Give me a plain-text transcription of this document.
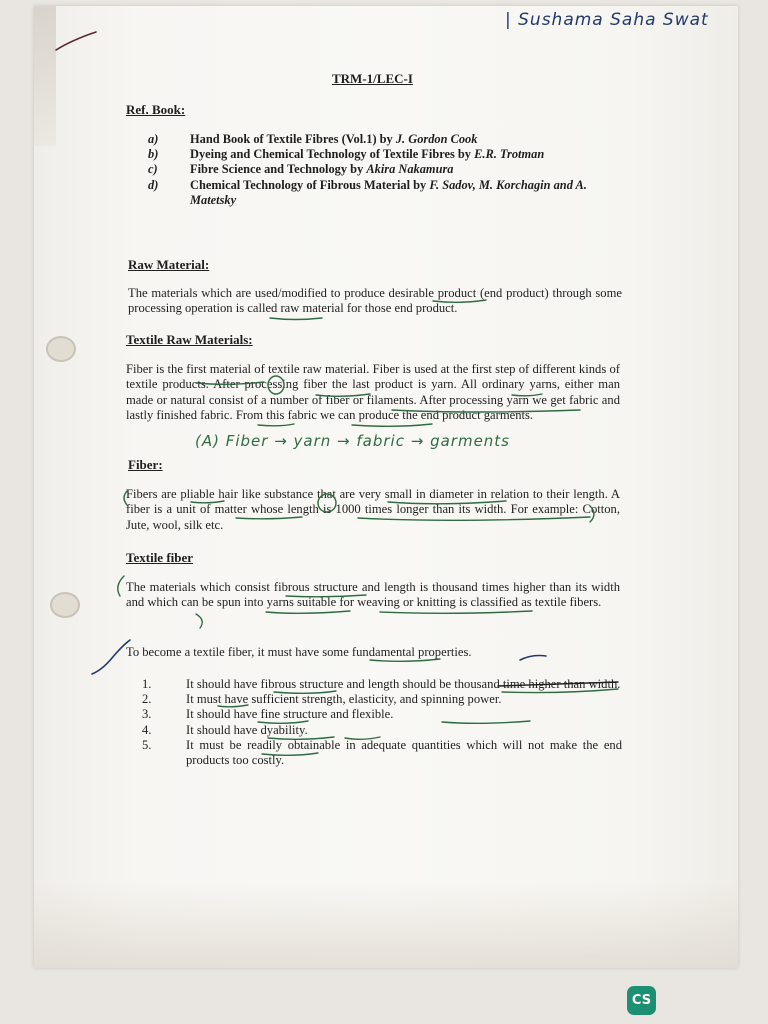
| Sushama Saha Swat
TRM-1/LEC-I
Ref. Book:
a)	Hand Book of Textile Fibres (Vol.1) by J. Gordon Cook
b)	Dyeing and Chemical Technology of Textile Fibres by E.R. Trotman
c)	Fibre Science and Technology by Akira Nakamura
d)	Chemical Technology of Fibrous Material by F. Sadov, M. Korchagin and A. Matetsky
Raw Material:
The materials which are used/modified to produce desirable product (end product) through some processing operation is called raw material for those end product.
Textile Raw Materials:
Fiber is the first material of textile raw material. Fiber is used at the first step of different kinds of textile products. After processing fiber the last product is yarn. All ordinary yarns, either man made or natural consist of a number of fiber or filaments. After processing yarn we get fabric and lastly finished fabric. From this fabric we can produce the end product garments.
(A) Fiber → yarn → fabric → garments
Fiber:
Fibers are pliable hair like substance that are very small in diameter in relation to their length. A fiber is a unit of matter whose length is 1000 times longer than its width. For example: Cotton, Jute, wool, silk etc.
Textile fiber
The materials which consist fibrous structure and length is thousand times higher than its width and which can be spun into yarns suitable for weaving or knitting is classified as textile fibers.
To become a textile fiber, it must have some fundamental properties.
1.	It should have fibrous structure and length should be thousand time higher than width.
2.	It must have sufficient strength, elasticity, and spinning power.
3.	It should have fine structure and flexible.
4.	It should have dyability.
5.	It must be readily obtainable in adequate quantities which will not make the end products too costly.
CS
